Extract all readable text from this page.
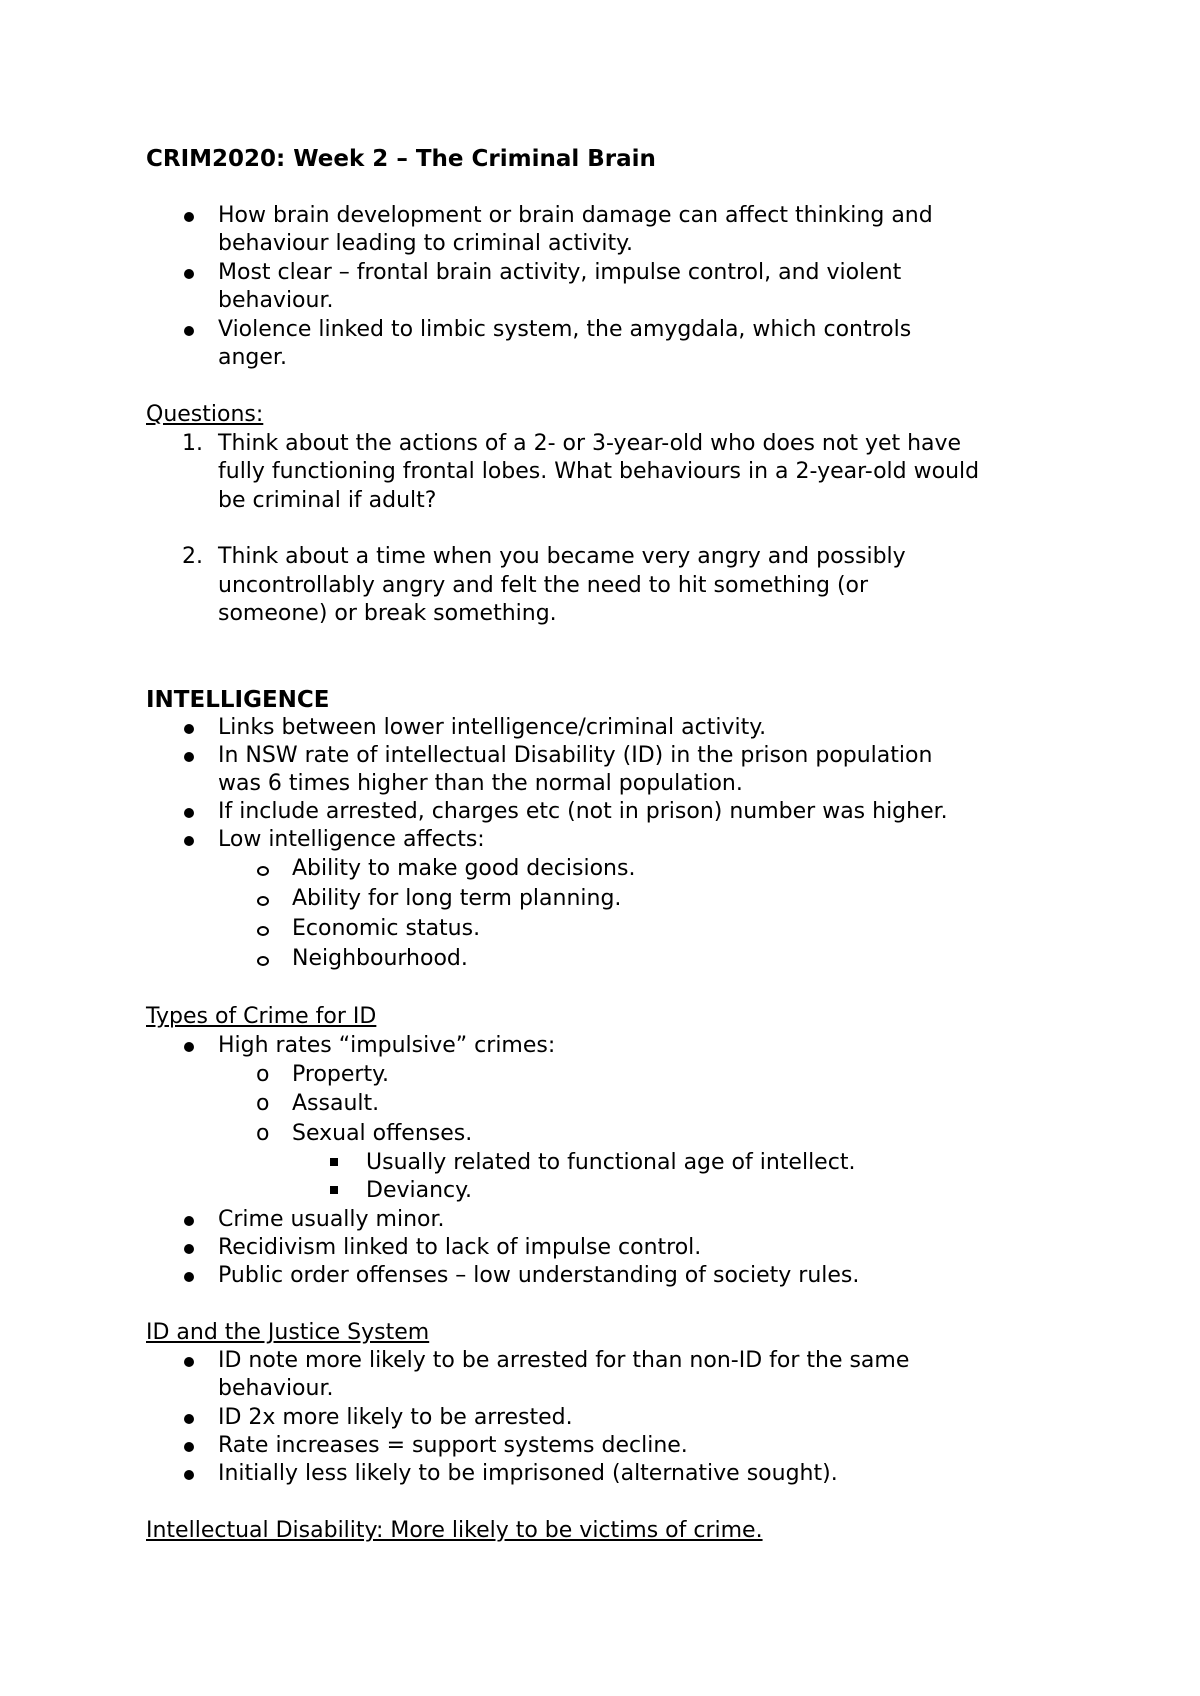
CRIM2020: Week 2 – The Criminal Brain
How brain development or brain damage can affect thinking and
behaviour leading to criminal activity.
Most clear – frontal brain activity, impulse control, and violent
behaviour.
Violence linked to limbic system, the amygdala, which controls
anger.
Questions:
1. Think about the actions of a 2- or 3-year-old who does not yet have
fully functioning frontal lobes. What behaviours in a 2-year-old would
be criminal if adult?
2. Think about a time when you became very angry and possibly
uncontrollably angry and felt the need to hit something (or
someone) or break something.
INTELLIGENCE
Links between lower intelligence/criminal activity.
In NSW rate of intellectual Disability (ID) in the prison population
was 6 times higher than the normal population.
If include arrested, charges etc (not in prison) number was higher.
Low intelligence affects:
Ability to make good decisions.
Ability for long term planning.
Economic status.
Neighbourhood.
Types of Crime for ID
High rates “impulsive” crimes:
o Property.
o Assault.
o Sexual offenses.
Usually related to functional age of intellect.
Deviancy.
Crime usually minor.
Recidivism linked to lack of impulse control.
Public order offenses – low understanding of society rules.
ID and the Justice System
ID note more likely to be arrested for than non-ID for the same
behaviour.
ID 2x more likely to be arrested.
Rate increases = support systems decline.
Initially less likely to be imprisoned (alternative sought).
Intellectual Disability: More likely to be victims of crime.
